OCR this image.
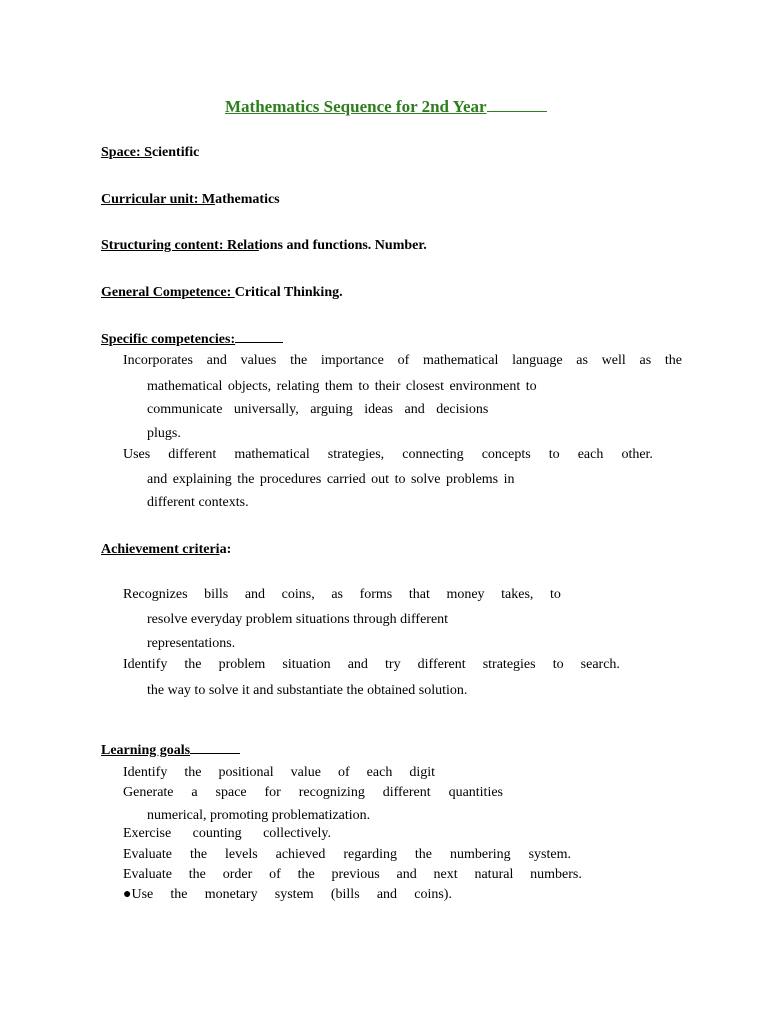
Mathematics Sequence for 2nd Year
Space: Scientific
Curricular unit: Mathematics
Structuring content: Relations and functions. Number.
General Competence: Critical Thinking.
Specific competencies:
Incorporates and values the importance of mathematical language as well as the
mathematical objects, relating them to their closest environment to
communicate universally, arguing ideas and decisions
plugs.
Uses different mathematical strategies, connecting concepts to each other.
and explaining the procedures carried out to solve problems in
different contexts.
Achievement criteria:
Recognizes bills and coins, as forms that money takes, to
resolve everyday problem situations through different
representations.
Identify the problem situation and try different strategies to search.
the way to solve it and substantiate the obtained solution.
Learning goals
Identify the positional value of each digit
Generate a space for recognizing different quantities
numerical, promoting problematization.
Exercise counting collectively.
Evaluate the levels achieved regarding the numbering system.
Evaluate the order of the previous and next natural numbers.
●Use the monetary system (bills and coins).
